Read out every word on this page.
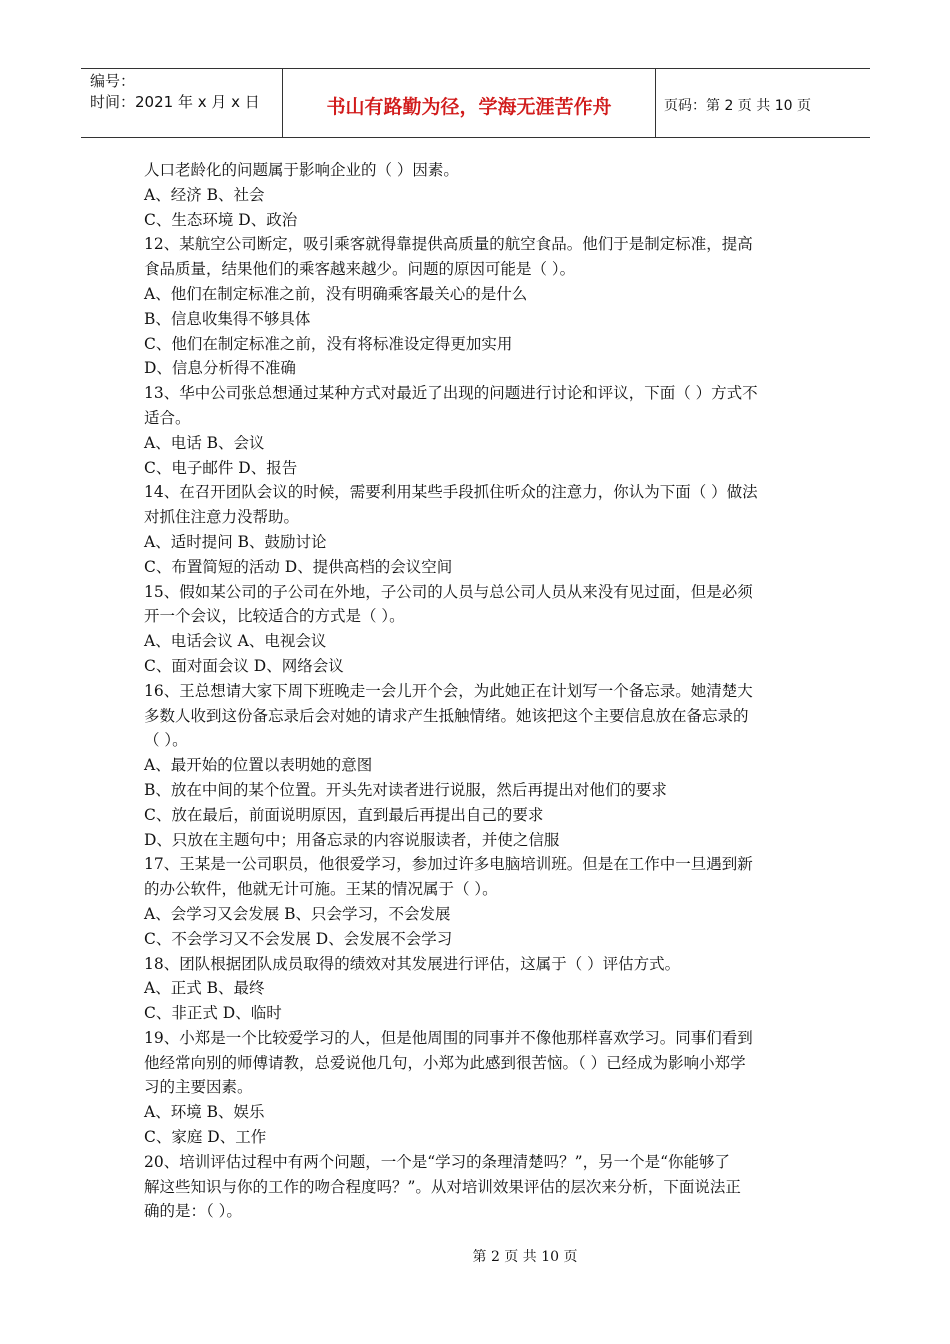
编号：
时间：2021 年 x 月 x 日	书山有路勤为径，学海无涯苦作舟	页码：第 2 页 共 10 页
人口老龄化的问题属于影响企业的（ ）因素。
A、经济 B、社会
C、生态环境 D、政治
12、某航空公司断定，吸引乘客就得靠提供高质量的航空食品。他们于是制定标准，提高
食品质量，结果他们的乘客越来越少。问题的原因可能是（ ）。
A、他们在制定标准之前，没有明确乘客最关心的是什么
B、信息收集得不够具体
C、他们在制定标准之前，没有将标准设定得更加实用
D、信息分析得不准确
13、华中公司张总想通过某种方式对最近了出现的问题进行讨论和评议，下面（ ）方式不
适合。
A、电话 B、会议
C、电子邮件 D、报告
14、在召开团队会议的时候，需要利用某些手段抓住听众的注意力，你认为下面（ ）做法
对抓住注意力没帮助。
A、适时提问 B、鼓励讨论
C、布置简短的活动 D、提供高档的会议空间
15、假如某公司的子公司在外地，子公司的人员与总公司人员从来没有见过面，但是必须
开一个会议，比较适合的方式是（ ）。
A、电话会议 A、电视会议
C、面对面会议 D、网络会议
16、王总想请大家下周下班晚走一会儿开个会，为此她正在计划写一个备忘录。她清楚大
多数人收到这份备忘录后会对她的请求产生抵触情绪。她该把这个主要信息放在备忘录的
（ ）。
A、最开始的位置以表明她的意图
B、放在中间的某个位置。开头先对读者进行说服，然后再提出对他们的要求
C、放在最后，前面说明原因，直到最后再提出自己的要求
D、只放在主题句中；用备忘录的内容说服读者，并使之信服
17、王某是一公司职员，他很爱学习，参加过许多电脑培训班。但是在工作中一旦遇到新
的办公软件，他就无计可施。王某的情况属于（ ）。
A、会学习又会发展 B、只会学习，不会发展
C、不会学习又不会发展 D、会发展不会学习
18、团队根据团队成员取得的绩效对其发展进行评估，这属于（ ）评估方式。
A、正式 B、最终
C、非正式 D、临时
19、小郑是一个比较爱学习的人，但是他周围的同事并不像他那样喜欢学习。同事们看到
他经常向别的师傅请教，总爱说他几句，小郑为此感到很苦恼。（ ）已经成为影响小郑学
习的主要因素。
A、环境 B、娱乐
C、家庭 D、工作
20、培训评估过程中有两个问题，一个是“学习的条理清楚吗？”，另一个是“你能够了
解这些知识与你的工作的吻合程度吗？”。从对培训效果评估的层次来分析，下面说法正
确的是：（ ）。
第 2 页 共 10 页
